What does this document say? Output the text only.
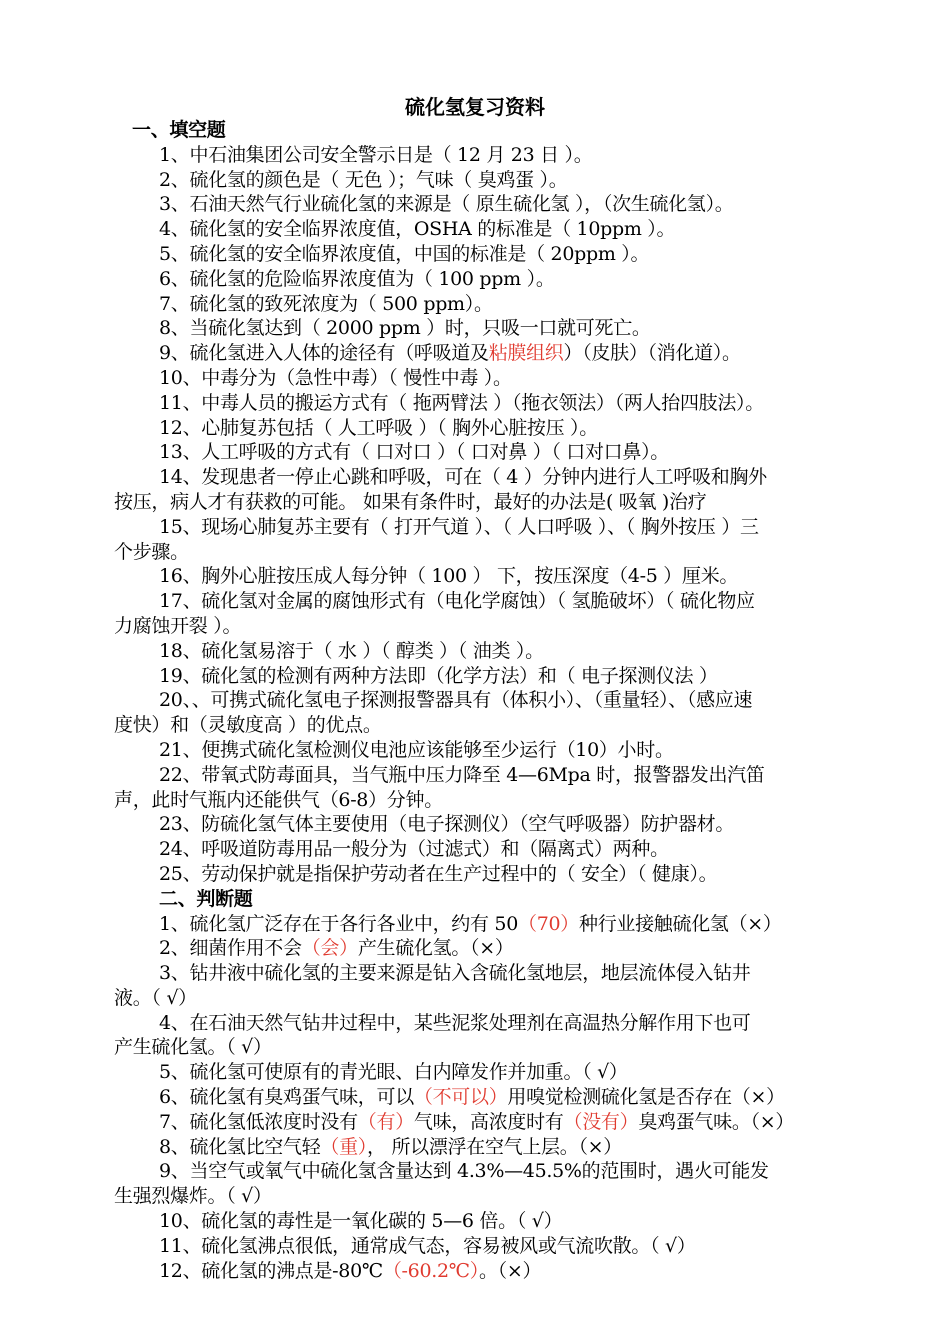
硫化氢复习资料
一、填空题
1、中石油集团公司安全警示日是（ 12 月 23 日 ）。
2、硫化氢的颜色是（ 无色 ）；气味（ 臭鸡蛋 ）。
3、石油天然气行业硫化氢的来源是（ 原生硫化氢 ），（次生硫化氢）。
4、硫化氢的安全临界浓度值，OSHA 的标准是（ 10ppm ）。
5、硫化氢的安全临界浓度值，中国的标准是（ 20ppm ）。
6、硫化氢的危险临界浓度值为（ 100 ppm ）。
7、硫化氢的致死浓度为（ 500 ppm）。
8、当硫化氢达到（ 2000 ppm ）时，只吸一口就可死亡。
9、硫化氢进入人体的途径有（呼吸道及粘膜组织）（皮肤）（消化道）。
10、中毒分为（急性中毒）（ 慢性中毒 ）。
11、中毒人员的搬运方式有（ 拖两臂法 ）（拖衣领法）（两人抬四肢法）。
12、心肺复苏包括（ 人工呼吸 ）（ 胸外心脏按压 ）。
13、人工呼吸的方式有（ 口对口 ）（ 口对鼻 ）（ 口对口鼻）。
14、发现患者一停止心跳和呼吸，可在（ 4 ）分钟内进行人工呼吸和胸外
按压，病人才有获救的可能。 如果有条件时，最好的办法是( 吸氧 )治疗
15、现场心肺复苏主要有（ 打开气道 ）、（ 人口呼吸 ）、（ 胸外按压 ）三
个步骤。
16、胸外心脏按压成人每分钟（ 100 ） 下，按压深度（4-5 ）厘米。
17、硫化氢对金属的腐蚀形式有（电化学腐蚀）（ 氢脆破坏）（ 硫化物应
力腐蚀开裂 ）。
18、硫化氢易溶于（ 水 ）（ 醇类 ）（ 油类 ）。
19、硫化氢的检测有两种方法即（化学方法）和（ 电子探测仪法 ）
20、、可携式硫化氢电子探测报警器具有（体积小）、（重量轻）、（感应速
度快）和（灵敏度高 ）的优点。
21、便携式硫化氢检测仪电池应该能够至少运行（10）小时。
22、带氧式防毒面具，当气瓶中压力降至 4—6Mpa 时，报警器发出汽笛
声，此时气瓶内还能供气（6-8）分钟。
23、防硫化氢气体主要使用（电子探测仪）（空气呼吸器）防护器材。
24、呼吸道防毒用品一般分为（过滤式）和（隔离式）两种。
25、劳动保护就是指保护劳动者在生产过程中的（ 安全）（ 健康）。
二、判断题
1、硫化氢广泛存在于各行各业中，约有 50（70）种行业接触硫化氢（×）
2、细菌作用不会（会）产生硫化氢。（×）
3、钻井液中硫化氢的主要来源是钻入含硫化氢地层，地层流体侵入钻井
液。（ √）
4、在石油天然气钻井过程中，某些泥浆处理剂在高温热分解作用下也可
产生硫化氢。（ √）
5、硫化氢可使原有的青光眼、白内障发作并加重。（ √）
6、硫化氢有臭鸡蛋气味，可以（不可以）用嗅觉检测硫化氢是否存在（×）
7、硫化氢低浓度时没有（有）气味，高浓度时有（没有）臭鸡蛋气味。（×）
8、硫化氢比空气轻（重）， 所以漂浮在空气上层。（×）
9、当空气或氧气中硫化氢含量达到 4.3%—45.5%的范围时，遇火可能发
生强烈爆炸。（ √）
10、硫化氢的毒性是一氧化碳的 5—6 倍。（ √）
11、硫化氢沸点很低，通常成气态，容易被风或气流吹散。（ √）
12、硫化氢的沸点是-80℃（-60.2℃）。（×）
